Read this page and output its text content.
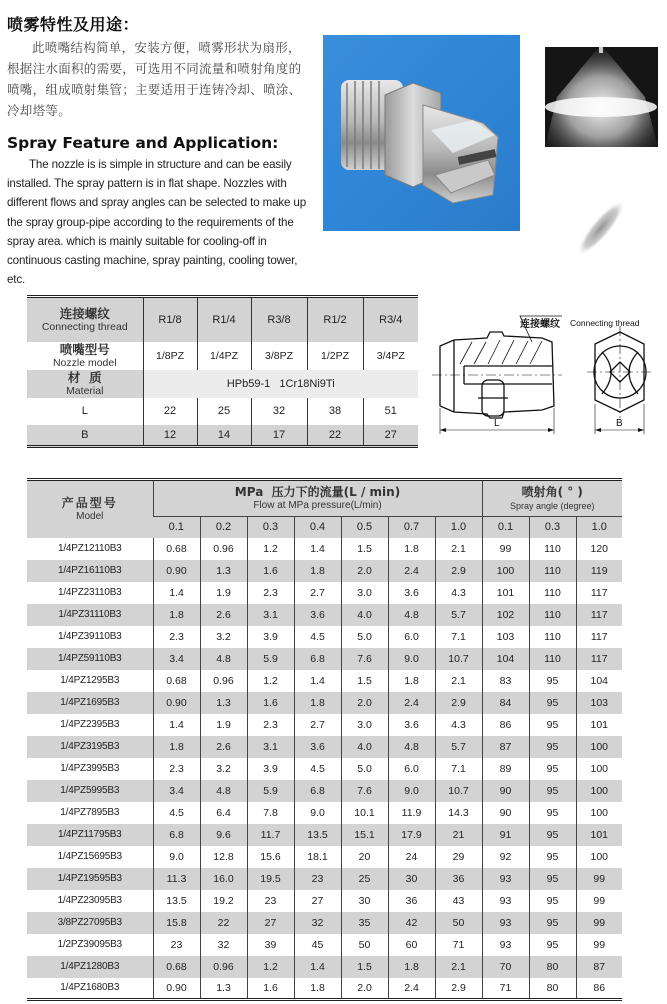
喷雾特性及用途：
此喷嘴结构简单，安装方便，喷雾形状为扇形，根据注水面积的需要，可选用不同流量和喷射角度的喷嘴，组成喷射集管；主要适用于连铸冷却、喷涂、冷却塔等。
Spray Feature and Application:
The nozzle is is simple in structure and can be easily installed. The spray pattern is in flat shape. Nozzles with different flows and spray angles can be selected to make up the spray group-pipe according to the requirements of the spray area. which is mainly suitable for cooling-off in continuous casting machine, spray painting, cooling tower, etc.
连接螺纹
Connecting thread	R1/8	R1/4	R3/8	R1/2	R3/4

喷嘴型号
Nozzle model	1/8PZ	1/4PZ	3/8PZ	1/2PZ	3/4PZ

材  质
Material	HPb59-1   1Cr18Ni9Ti				
L	22	25	32	38	51
B	12	14	17	22	27
连接螺纹 Connecting thread
L	B
产品型号
Model	MPa  压力下的流量(L / min)
Flow at MPa pressure(L/min)							喷射角( ° )
Spray angle (degree)		

	0.1	0.2	0.3	0.4	0.5	0.7	1.0	0.1	0.3	1.0
1/4PZ12110B3	0.68	0.96	1.2	1.4	1.5	1.8	2.1	99	110	120
1/4PZ16110B3	0.90	1.3	1.6	1.8	2.0	2.4	2.9	100	110	119
1/4PZ23110B3	1.4	1.9	2.3	2.7	3.0	3.6	4.3	101	110	117
1/4PZ31110B3	1.8	2.6	3.1	3.6	4.0	4.8	5.7	102	110	117
1/4PZ39110B3	2.3	3.2	3.9	4.5	5.0	6.0	7.1	103	110	117
1/4PZ59110B3	3.4	4.8	5.9	6.8	7.6	9.0	10.7	104	110	117
1/4PZ1295B3	0.68	0.96	1.2	1.4	1.5	1.8	2.1	83	95	104
1/4PZ1695B3	0.90	1.3	1.6	1.8	2.0	2.4	2.9	84	95	103
1/4PZ2395B3	1.4	1.9	2.3	2.7	3.0	3.6	4.3	86	95	101
1/4PZ3195B3	1.8	2.6	3.1	3.6	4.0	4.8	5.7	87	95	100
1/4PZ3995B3	2.3	3.2	3.9	4.5	5.0	6.0	7.1	89	95	100
1/4PZ5995B3	3.4	4.8	5.9	6.8	7.6	9.0	10.7	90	95	100
1/4PZ7895B3	4.5	6.4	7.8	9.0	10.1	11.9	14.3	90	95	100
1/4PZ11795B3	6.8	9.6	11.7	13.5	15.1	17.9	21	91	95	101
1/4PZ15695B3	9.0	12.8	15.6	18.1	20	24	29	92	95	100
1/4PZ19595B3	11.3	16.0	19.5	23	25	30	36	93	95	99
1/4PZ23095B3	13.5	19.2	23	27	30	36	43	93	95	99
3/8PZ27095B3	15.8	22	27	32	35	42	50	93	95	99
1/2PZ39095B3	23	32	39	45	50	60	71	93	95	99
1/4PZ1280B3	0.68	0.96	1.2	1.4	1.5	1.8	2.1	70	80	87
1/4PZ1680B3	0.90	1.3	1.6	1.8	2.0	2.4	2.9	71	80	86
